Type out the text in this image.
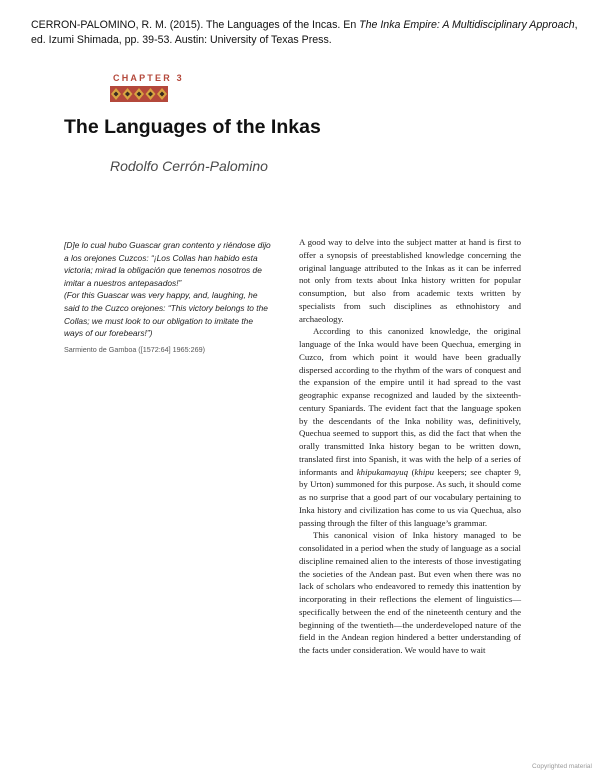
CERRON-PALOMINO, R. M. (2015). The Languages of the Incas. En The Inka Empire: A Multidisciplinary Approach, ed. Izumi Shimada, pp. 39-53. Austin: University of Texas Press.
CHAPTER 3
The Languages of the Inkas
Rodolfo Cerrón-Palomino

[D]e lo cual hubo Guascar gran contento y riéndose dijo a los orejones Cuzcos: “¡Los Collas han habido esta victoria; mirad la obligación que tenemos nosotros de imitar a nuestros antepasados!”

(For this Guascar was very happy, and, laughing, he said to the Cuzco orejones: “This victory belongs to the Collas; we must look to our obligation to imitate the ways of our forebears!”)

Sarmiento de Gamboa ([1572:64] 1965:269)

A good way to delve into the subject matter at hand is first to offer a synopsis of preestablished knowledge concerning the original language attributed to the Inkas as it can be inferred not only from texts about Inka history written for popular consumption, but also from academic texts written by specialists from such disciplines as ethnohistory and archaeology.

According to this canonized knowledge, the original language of the Inka would have been Quechua, emerging in Cuzco, from which point it would have been gradually dispersed according to the rhythm of the wars of conquest and the expansion of the empire until it had spread to the vast geographic expanse recognized and lauded by the sixteenth-century Spaniards. The evident fact that the language spoken by the descendants of the Inka nobility was, definitively, Quechua seemed to support this, as did the fact that when the orally transmitted Inka history began to be written down, translated first into Spanish, it was with the help of a series of informants and khipukamayuq (khipu keepers; see chapter 9, by Urton) summoned for this purpose. As such, it should come as no surprise that a good part of our vocabulary pertaining to Inka history and civilization has come to us via Quechua, also passing through the filter of this language’s grammar.

This canonical vision of Inka history managed to be consolidated in a period when the study of language as a social discipline remained alien to the interests of those investigating the societies of the Andean past. But even when there was no lack of scholars who endeavored to remedy this inattention by incorporating in their reflections the element of linguistics—specifically between the end of the nineteenth century and the beginning of the twentieth—the underdeveloped nature of the field in the Andean region hindered a better understanding of the facts under consideration. We would have to wait

Copyrighted material
